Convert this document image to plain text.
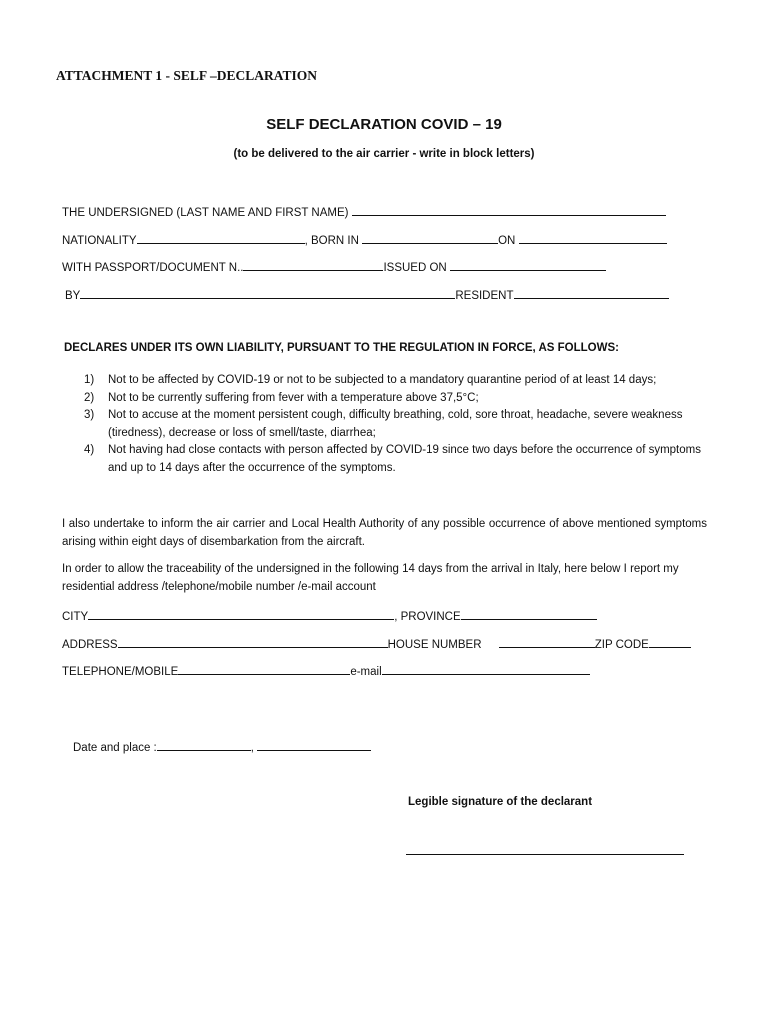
ATTACHMENT 1 - SELF –DECLARATION
SELF DECLARATION COVID – 19
(to be delivered to the air carrier - write in block letters)
THE UNDERSIGNED (LAST NAME AND FIRST NAME)
NATIONALITY	, BORN IN	ON
WITH PASSPORT/DOCUMENT N..	ISSUED ON
BY	RESIDENT
DECLARES UNDER ITS OWN LIABILITY, PURSUANT TO THE REGULATION IN FORCE, AS FOLLOWS:
1) Not to be affected by COVID-19 or not to be subjected to a mandatory quarantine period of at least 14 days;
2) Not to be currently suffering from fever with a temperature above 37,5°C;
3) Not to accuse at the moment persistent cough, difficulty breathing, cold, sore throat, headache, severe weakness (tiredness), decrease or loss of smell/taste, diarrhea;
4) Not having had close contacts with person affected by COVID-19 since two days before the occurrence of symptoms and up to 14 days after the occurrence of the symptoms.
I also undertake to inform the air carrier and Local Health Authority of any possible occurrence of above mentioned symptoms arising within eight days of disembarkation from the aircraft.
In order to allow the traceability of the undersigned in the following 14 days from the arrival in Italy, here below I report my residential address /telephone/mobile number /e-mail account
CITY	, PROVINCE
ADDRESS	HOUSE NUMBER	ZIP CODE
TELEPHONE/MOBILE	e-mail
Date and place :	,
Legible signature of the declarant
